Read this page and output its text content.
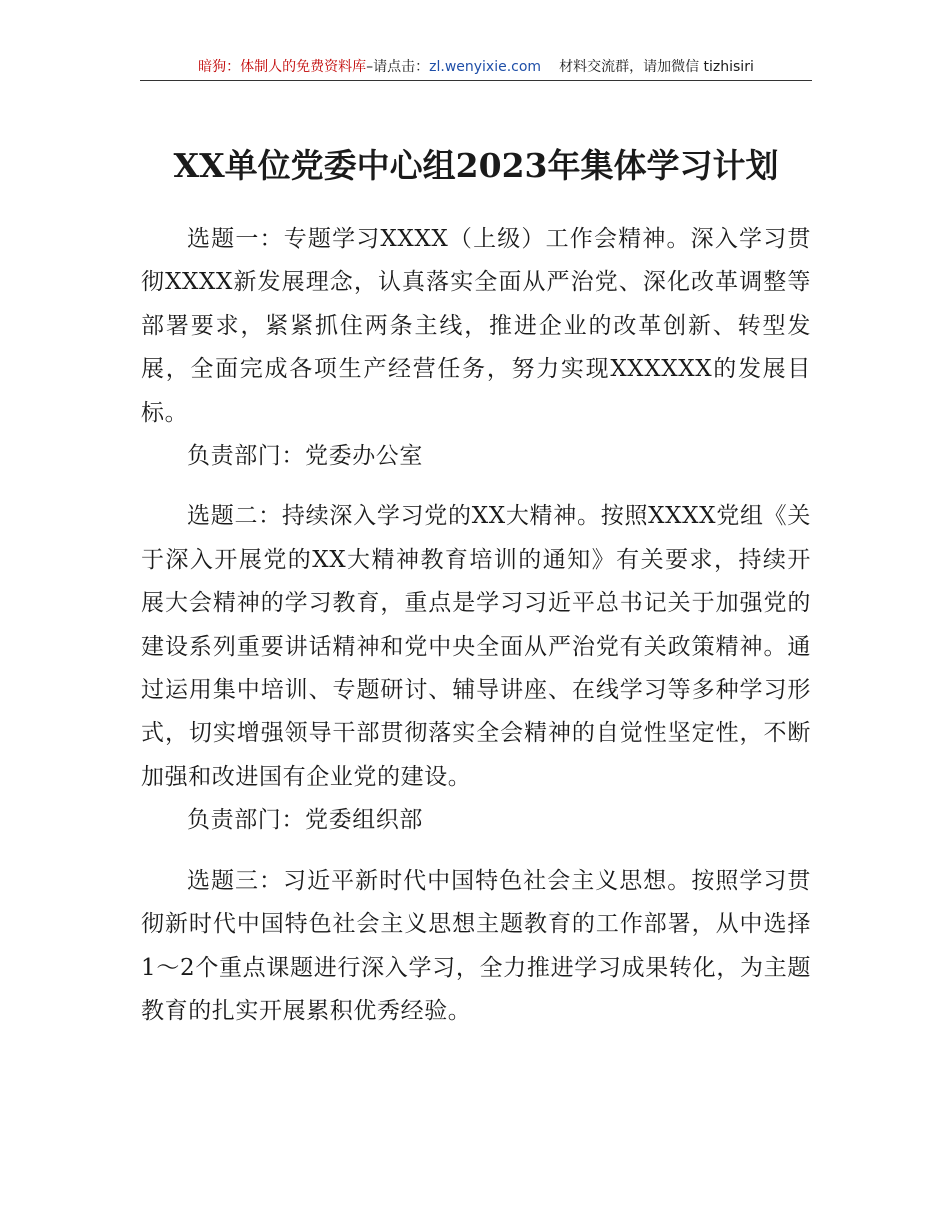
暗狗：体制人的免费资料库–请点击：zl.wenyixie.com 材料交流群，请加微信 tizhisiri
XX单位党委中心组2023年集体学习计划

选题一：专题学习XXXX（上级）工作会精神。深入学习贯彻XXXX新发展理念，认真落实全面从严治党、深化改革调整等部署要求，紧紧抓住两条主线，推进企业的改革创新、转型发展，全面完成各项生产经营任务，努力实现XXXXXX的发展目标。

负责部门：党委办公室

选题二：持续深入学习党的XX大精神。按照XXXX党组《关于深入开展党的XX大精神教育培训的通知》有关要求，持续开展大会精神的学习教育，重点是学习习近平总书记关于加强党的建设系列重要讲话精神和党中央全面从严治党有关政策精神。通过运用集中培训、专题研讨、辅导讲座、在线学习等多种学习形式，切实增强领导干部贯彻落实全会精神的自觉性坚定性，不断加强和改进国有企业党的建设。

负责部门：党委组织部

选题三：习近平新时代中国特色社会主义思想。按照学习贯彻新时代中国特色社会主义思想主题教育的工作部署，从中选择1～2个重点课题进行深入学习，全力推进学习成果转化，为主题教育的扎实开展累积优秀经验。
